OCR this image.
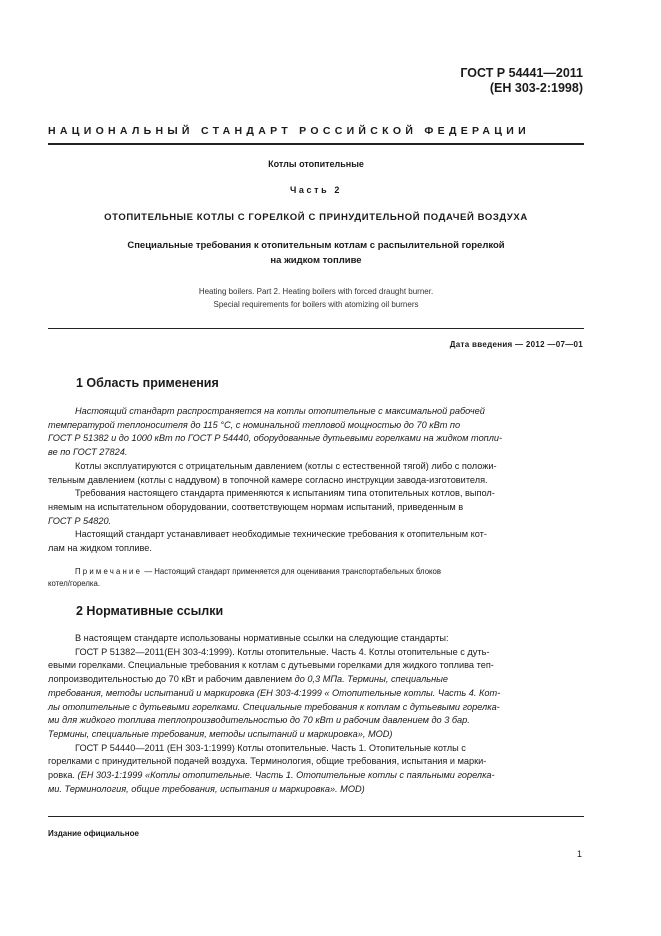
ГОСТ Р 54441—2011
(ЕН 303-2:1998)
НАЦИОНАЛЬНЫЙ СТАНДАРТ РОССИЙСКОЙ ФЕДЕРАЦИИ
Котлы отопительные
Часть 2
ОТОПИТЕЛЬНЫЕ КОТЛЫ С ГОРЕЛКОЙ С ПРИНУДИТЕЛЬНОЙ ПОДАЧЕЙ ВОЗДУХА
Специальные требования к отопительным котлам с распылительной горелкой
на жидком топливе
Heating boilers. Part 2. Heating boilers with forced draught burner.
Special requirements for boilers with atomizing oil burners
Дата введения — 2012 —07—01
1 Область применения

Настоящий стандарт распространяется на котлы отопительные с максимальной рабочей
температурой теплоносителя до 115 °С, с номинальной тепловой мощностью до 70 кВт по
ГОСТ Р 51382 и до 1000 кВт по ГОСТ Р 54440, оборудованные дутьевыми горелками на жидком топли-
ве по ГОСТ 27824.

Котлы эксплуатируются с отрицательным давлением (котлы с естественной тягой) либо с положи-
тельным давлением (котлы с наддувом) в топочной камере согласно инструкции завода-изготовителя.

Требования настоящего стандарта применяются к испытаниям типа отопительных котлов, выпол-
няемым на испытательном оборудовании, соответствующем нормам испытаний, приведенным в
ГОСТ Р 54820.

Настоящий стандарт устанавливает необходимые технические требования к отопительным кот-
лам на жидком топливе.

Примечание — Настоящий стандарт применяется для оценивания транспортабельных блоков
котел/горелка.
2 Нормативные ссылки

В настоящем стандарте использованы нормативные ссылки на следующие стандарты:

ГОСТ Р 51382—2011(ЕН 303-4:1999). Котлы отопительные. Часть 4. Котлы отопительные с дуть-
евыми горелками. Специальные требования к котлам с дутьевыми горелками для жидкого топлива теп-
лопроизводительностью до 70 кВт и рабочим давлением до 0,3 МПа. Термины, специальные
требования, методы испытаний и маркировка (ЕН 303-4:1999 « Отопительные котлы. Часть 4. Кот-
лы отопительные с дутьевыми горелками. Специальные требования к котлам с дутьевыми горелка-
ми для жидкого топлива теплопроизводительностью до 70 кВт и рабочим давлением до 3 бар.
Термины, специальные требования, методы испытаний и маркировка», MOD)

ГОСТ Р 54440—2011 (ЕН 303-1:1999) Котлы отопительные. Часть 1. Отопительные котлы с
горелками с принудительной подачей воздуха. Терминология, общие требования, испытания и марки-
ровка. (ЕН 303-1:1999 «Котлы отопительные. Часть 1. Отопительные котлы с паяльными горелка-
ми. Терминология, общие требования, испытания и маркировка». MOD)

Издание официальное
1
